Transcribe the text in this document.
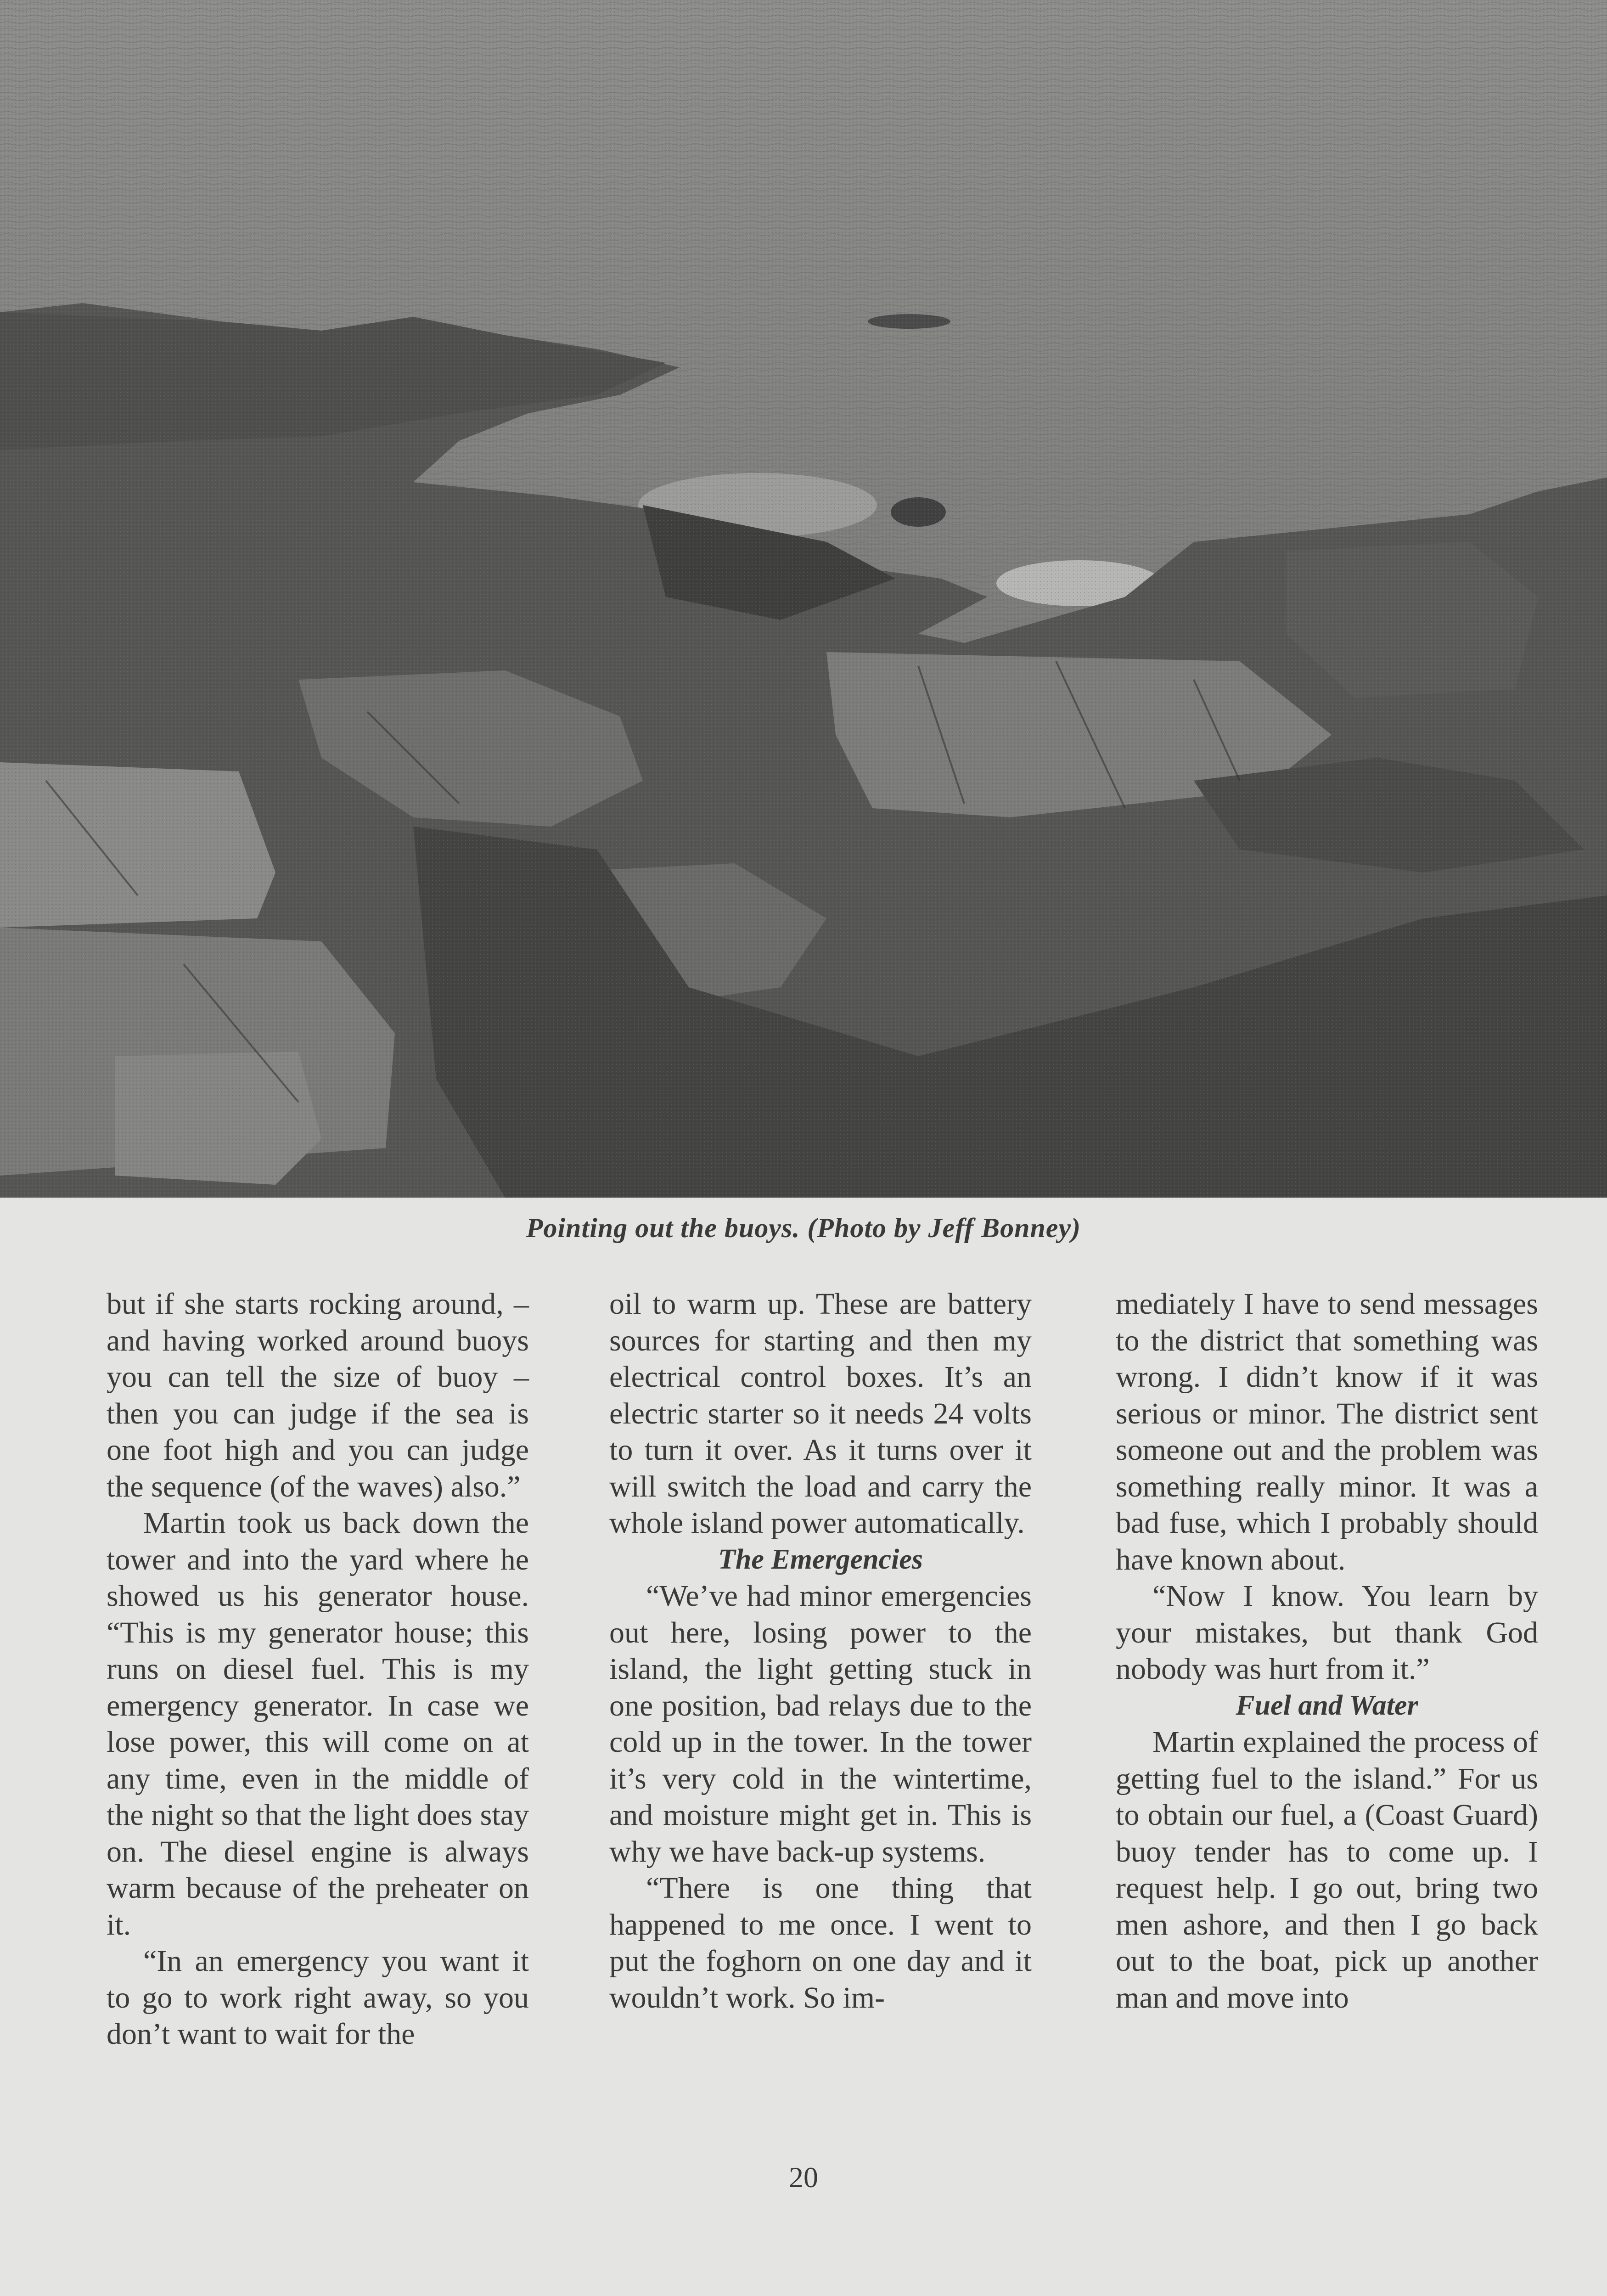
Pointing out the buoys. (Photo by Jeff Bonney)

but if she starts rocking around, – and having worked around buoys you can tell the size of buoy – then you can judge if the sea is one foot high and you can judge the sequence (of the waves) also.”

Martin took us back down the tower and into the yard where he showed us his generator house. “This is my generator house; this runs on diesel fuel. This is my emergency generator. In case we lose power, this will come on at any time, even in the middle of the night so that the light does stay on. The diesel engine is always warm because of the preheater on it.

“In an emergency you want it to go to work right away, so you don’t want to wait for the

oil to warm up. These are battery sources for starting and then my electrical control boxes. It’s an electric starter so it needs 24 volts to turn it over. As it turns over it will switch the load and carry the whole island power automatically.

The Emergencies

“We’ve had minor emergencies out here, losing power to the island, the light getting stuck in one position, bad relays due to the cold up in the tower. In the tower it’s very cold in the wintertime, and moisture might get in. This is why we have back-up systems.

“There is one thing that happened to me once. I went to put the foghorn on one day and it wouldn’t work. So im-

mediately I have to send messages to the district that something was wrong. I didn’t know if it was serious or minor. The district sent someone out and the problem was something really minor. It was a bad fuse, which I probably should have known about.

“Now I know. You learn by your mistakes, but thank God nobody was hurt from it.”

Fuel and Water

Martin explained the process of getting fuel to the island.” For us to obtain our fuel, a (Coast Guard) buoy tender has to come up. I request help. I go out, bring two men ashore, and then I go back out to the boat, pick up another man and move into

20
